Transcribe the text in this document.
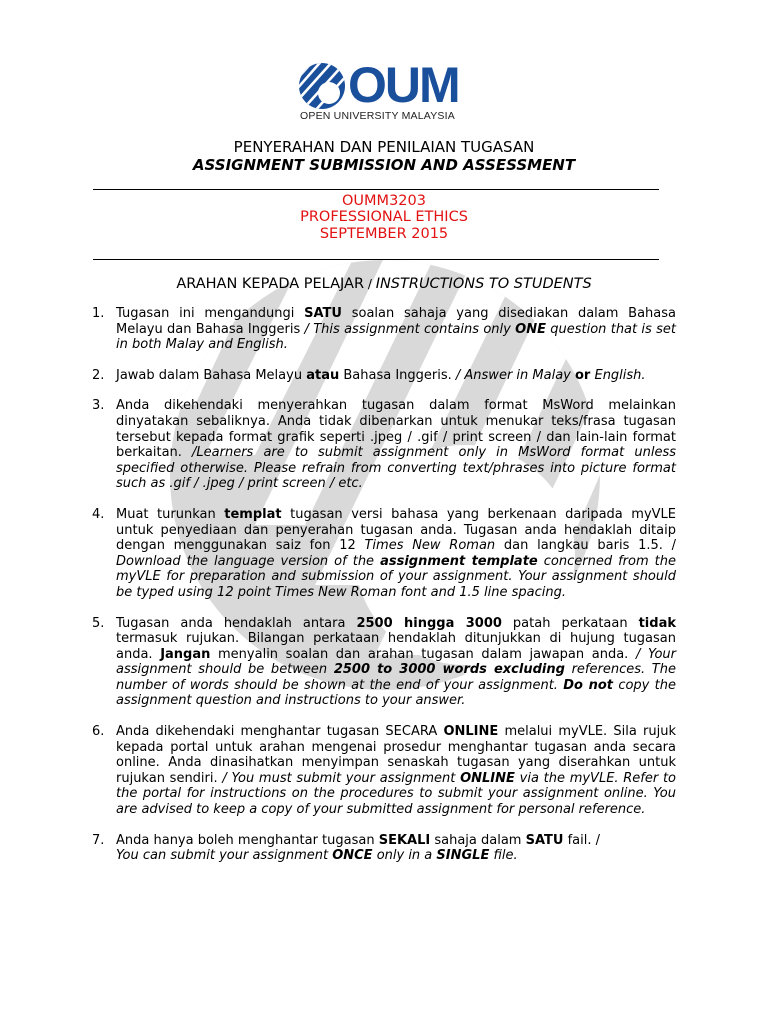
OUM
OPEN UNIVERSITY MALAYSIA
PENYERAHAN DAN PENILAIAN TUGASAN
ASSIGNMENT SUBMISSION AND ASSESSMENT
OUMM3203
PROFESSIONAL ETHICS
SEPTEMBER 2015
ARAHAN KEPADA PELAJAR / INSTRUCTIONS TO STUDENTS
1. Tugasan ini mengandungi SATU soalan sahaja yang disediakan dalam Bahasa Melayu dan Bahasa Inggeris / This assignment contains only ONE question that is set in both Malay and English.
2. Jawab dalam Bahasa Melayu atau Bahasa Inggeris. / Answer in Malay or English.
3. Anda dikehendaki menyerahkan tugasan dalam format MsWord melainkan dinyatakan sebaliknya. Anda tidak dibenarkan untuk menukar teks/frasa tugasan tersebut kepada format grafik seperti .jpeg / .gif / print screen / dan lain-lain format berkaitan. /Learners are to submit assignment only in MsWord format unless specified otherwise. Please refrain from converting text/phrases into picture format such as .gif / .jpeg / print screen / etc.
4. Muat turunkan templat tugasan versi bahasa yang berkenaan daripada myVLE untuk penyediaan dan penyerahan tugasan anda. Tugasan anda hendaklah ditaip dengan menggunakan saiz fon 12 Times New Roman dan langkau baris 1.5. / Download the language version of the assignment template concerned from the myVLE for preparation and submission of your assignment. Your assignment should be typed using 12 point Times New Roman font and 1.5 line spacing.
5. Tugasan anda hendaklah antara 2500 hingga 3000 patah perkataan tidak termasuk rujukan. Bilangan perkataan hendaklah ditunjukkan di hujung tugasan anda. Jangan menyalin soalan dan arahan tugasan dalam jawapan anda. / Your assignment should be between 2500 to 3000 words excluding references. The number of words should be shown at the end of your assignment. Do not copy the assignment question and instructions to your answer.
6. Anda dikehendaki menghantar tugasan SECARA ONLINE melalui myVLE. Sila rujuk kepada portal untuk arahan mengenai prosedur menghantar tugasan anda secara online. Anda dinasihatkan menyimpan senaskah tugasan yang diserahkan untuk rujukan sendiri. / You must submit your assignment ONLINE via the myVLE. Refer to the portal for instructions on the procedures to submit your assignment online. You are advised to keep a copy of your submitted assignment for personal reference.
7. Anda hanya boleh menghantar tugasan SEKALI sahaja dalam SATU fail. /
You can submit your assignment ONCE only in a SINGLE file.
